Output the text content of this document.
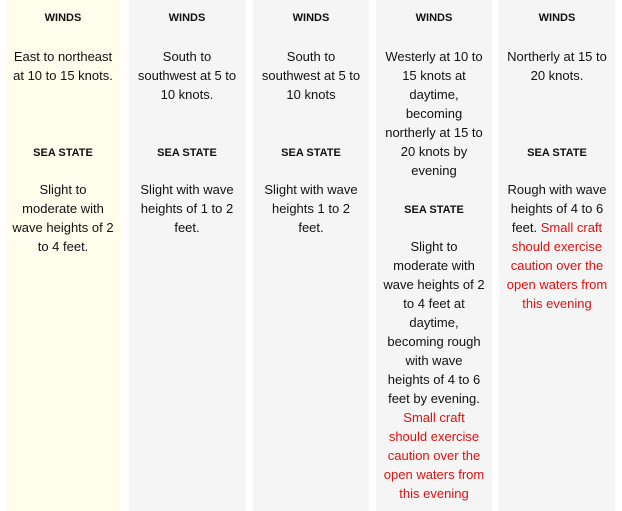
WINDS
East to northeast at 10 to 15 knots.
SEA STATE
Slight to moderate with wave heights of 2 to 4 feet.
WINDS
South to southwest at 5 to 10 knots.
SEA STATE
Slight with wave heights of 1 to 2 feet.
WINDS
South to southwest at 5 to 10 knots
SEA STATE
Slight with wave heights 1 to 2 feet.
WINDS
Westerly at 10 to 15 knots at daytime, becoming northerly at 15 to 20 knots by evening
SEA STATE
Slight to moderate with wave heights of 2 to 4 feet at daytime, becoming rough with wave heights of 4 to 6 feet by evening. Small craft should exercise caution over the open waters from this evening
WINDS
Northerly at 15 to 20 knots.
SEA STATE
Rough with wave heights of 4 to 6 feet. Small craft should exercise caution over the open waters from this evening
